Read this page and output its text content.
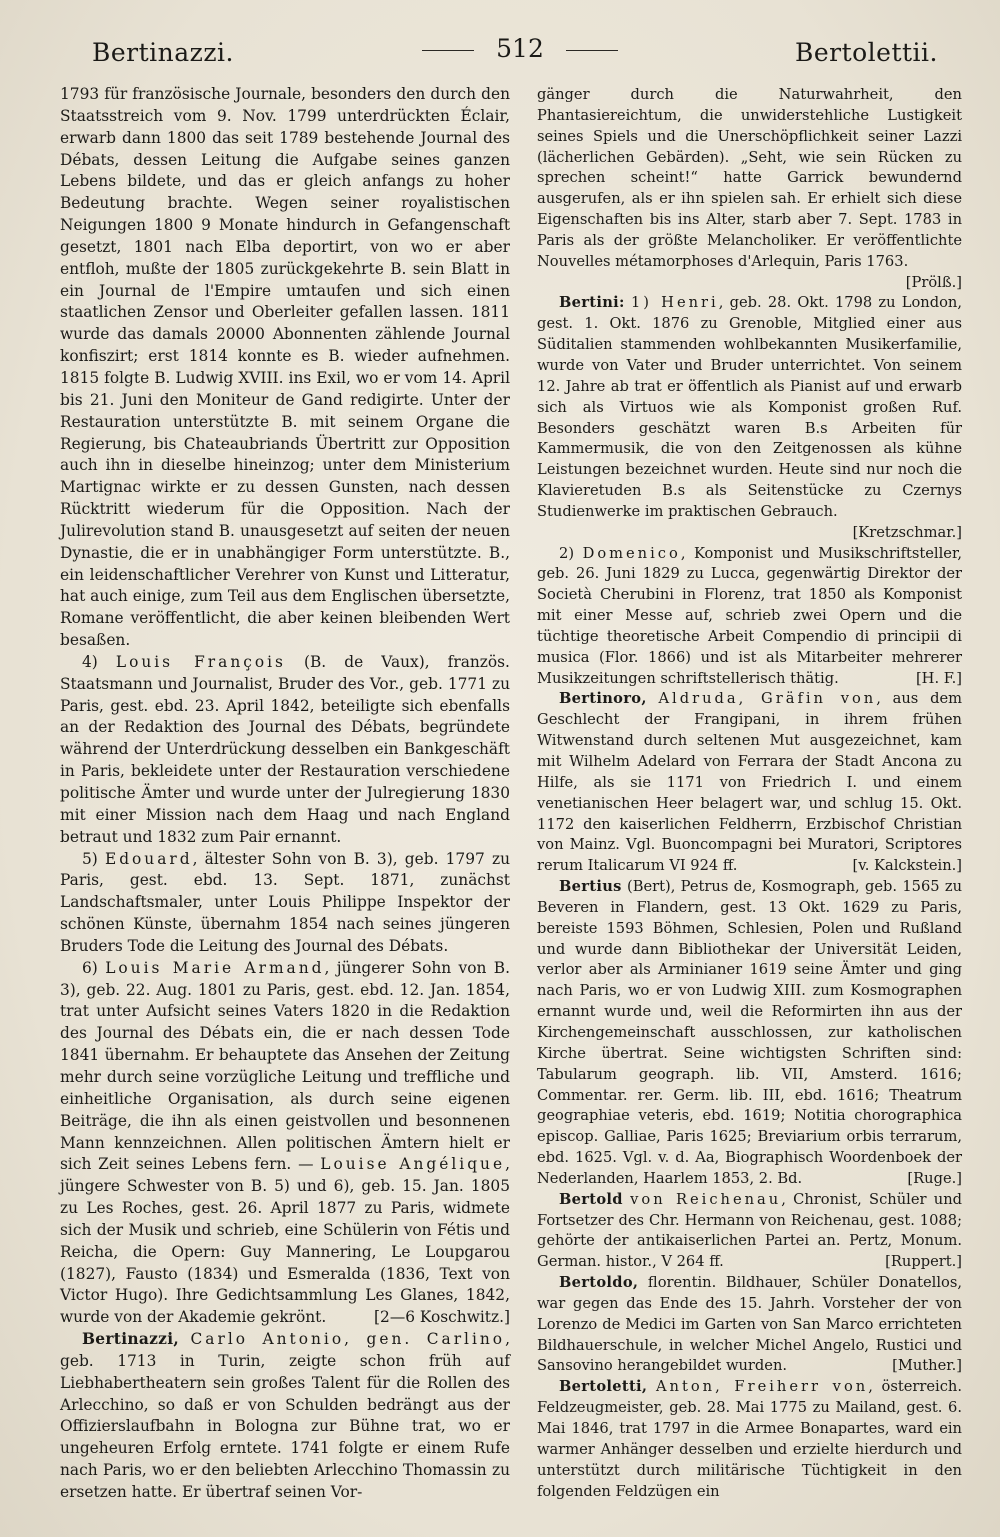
Bertinazzi.	512	Bertolettii.

1793 für französische Journale, besonders den durch den Staatsstreich vom 9. Nov. 1799 unterdrückten Éclair, erwarb dann 1800 das seit 1789 bestehende Journal des Débats, dessen Leitung die Aufgabe seines ganzen Lebens bildete, und das er gleich anfangs zu hoher Bedeutung brachte. Wegen seiner royalistischen Neigungen 1800 9 Monate hindurch in Gefangenschaft gesetzt, 1801 nach Elba deportirt, von wo er aber entfloh, mußte der 1805 zurückgekehrte B. sein Blatt in ein Journal de l'Empire umtaufen und sich einen staatlichen Zensor und Oberleiter gefallen lassen. 1811 wurde das damals 20000 Abonnenten zählende Journal konfiszirt; erst 1814 konnte es B. wieder aufnehmen. 1815 folgte B. Ludwig XVIII. ins Exil, wo er vom 14. April bis 21. Juni den Moniteur de Gand redigirte. Unter der Restauration unterstützte B. mit seinem Organe die Regierung, bis Chateaubriands Übertritt zur Opposition auch ihn in dieselbe hineinzog; unter dem Ministerium Martignac wirkte er zu dessen Gunsten, nach dessen Rücktritt wiederum für die Opposition. Nach der Julirevolution stand B. unausgesetzt auf seiten der neuen Dynastie, die er in unabhängiger Form unterstützte. B., ein leidenschaftlicher Verehrer von Kunst und Litteratur, hat auch einige, zum Teil aus dem Englischen übersetzte, Romane veröffentlicht, die aber keinen bleibenden Wert besaßen.

4) Louis François (B. de Vaux), französ. Staatsmann und Journalist, Bruder des Vor., geb. 1771 zu Paris, gest. ebd. 23. April 1842, beteiligte sich ebenfalls an der Redaktion des Journal des Débats, begründete während der Unterdrückung desselben ein Bankgeschäft in Paris, bekleidete unter der Restauration verschiedene politische Ämter und wurde unter der Julregierung 1830 mit einer Mission nach dem Haag und nach England betraut und 1832 zum Pair ernannt.

5) Edouard, ältester Sohn von B. 3), geb. 1797 zu Paris, gest. ebd. 13. Sept. 1871, zunächst Landschaftsmaler, unter Louis Philippe Inspektor der schönen Künste, übernahm 1854 nach seines jüngeren Bruders Tode die Leitung des Journal des Débats.

6) Louis Marie Armand, jüngerer Sohn von B. 3), geb. 22. Aug. 1801 zu Paris, gest. ebd. 12. Jan. 1854, trat unter Aufsicht seines Vaters 1820 in die Redaktion des Journal des Débats ein, die er nach dessen Tode 1841 übernahm. Er behauptete das Ansehen der Zeitung mehr durch seine vorzügliche Leitung und treffliche und einheitliche Organisation, als durch seine eigenen Beiträge, die ihn als einen geistvollen und besonnenen Mann kennzeichnen. Allen politischen Ämtern hielt er sich Zeit seines Lebens fern. — Louise Angélique, jüngere Schwester von B. 5) und 6), geb. 15. Jan. 1805 zu Les Roches, gest. 26. April 1877 zu Paris, widmete sich der Musik und schrieb, eine Schülerin von Fétis und Reicha, die Opern: Guy Mannering, Le Loupgarou (1827), Fausto (1834) und Esmeralda (1836, Text von Victor Hugo). Ihre Gedichtsammlung Les Glanes, 1842, wurde von der Akademie gekrönt.	[2—6 Koschwitz.]

Bertinazzi, Carlo Antonio, gen. Carlino, geb. 1713 in Turin, zeigte schon früh auf Liebhabertheatern sein großes Talent für die Rollen des Arlecchino, so daß er von Schulden bedrängt aus der Offizierslaufbahn in Bologna zur Bühne trat, wo er ungeheuren Erfolg erntete. 1741 folgte er einem Rufe nach Paris, wo er den beliebten Arlecchino Thomassin zu ersetzen hatte. Er übertraf seinen Vor-

gänger durch die Naturwahrheit, den Phantasiereichtum, die unwiderstehliche Lustigkeit seines Spiels und die Unerschöpflichkeit seiner Lazzi (lächerlichen Gebärden). „Seht, wie sein Rücken zu sprechen scheint!“ hatte Garrick bewundernd ausgerufen, als er ihn spielen sah. Er erhielt sich diese Eigenschaften bis ins Alter, starb aber 7. Sept. 1783 in Paris als der größte Melancholiker. Er veröffentlichte Nouvelles métamorphoses d'Arlequin, Paris 1763.
[Prölß.]

Bertini: 1) Henri, geb. 28. Okt. 1798 zu London, gest. 1. Okt. 1876 zu Grenoble, Mitglied einer aus Süditalien stammenden wohlbekannten Musikerfamilie, wurde von Vater und Bruder unterrichtet. Von seinem 12. Jahre ab trat er öffentlich als Pianist auf und erwarb sich als Virtuos wie als Komponist großen Ruf. Besonders geschätzt waren B.s Arbeiten für Kammermusik, die von den Zeitgenossen als kühne Leistungen bezeichnet wurden. Heute sind nur noch die Klavieretuden B.s als Seitenstücke zu Czernys Studienwerke im praktischen Gebrauch.
[Kretzschmar.]

2) Domenico, Komponist und Musikschriftsteller, geb. 26. Juni 1829 zu Lucca, gegenwärtig Direktor der Società Cherubini in Florenz, trat 1850 als Komponist mit einer Messe auf, schrieb zwei Opern und die tüchtige theoretische Arbeit Compendio di principii di musica (Flor. 1866) und ist als Mitarbeiter mehrerer Musikzeitungen schriftstellerisch thätig.	[H. F.]

Bertinoro, Aldruda, Gräfin von, aus dem Geschlecht der Frangipani, in ihrem frühen Witwenstand durch seltenen Mut ausgezeichnet, kam mit Wilhelm Adelard von Ferrara der Stadt Ancona zu Hilfe, als sie 1171 von Friedrich I. und einem venetianischen Heer belagert war, und schlug 15. Okt. 1172 den kaiserlichen Feldherrn, Erzbischof Christian von Mainz. Vgl. Buoncompagni bei Muratori, Scriptores rerum Italicarum VI 924 ff.	[v. Kalckstein.]

Bertius (Bert), Petrus de, Kosmograph, geb. 1565 zu Beveren in Flandern, gest. 13 Okt. 1629 zu Paris, bereiste 1593 Böhmen, Schlesien, Polen und Rußland und wurde dann Bibliothekar der Universität Leiden, verlor aber als Arminianer 1619 seine Ämter und ging nach Paris, wo er von Ludwig XIII. zum Kosmographen ernannt wurde und, weil die Reformirten ihn aus der Kirchengemeinschaft ausschlossen, zur katholischen Kirche übertrat. Seine wichtigsten Schriften sind: Tabularum geograph. lib. VII, Amsterd. 1616; Commentar. rer. Germ. lib. III, ebd. 1616; Theatrum geographiae veteris, ebd. 1619; Notitia chorographica episcop. Galliae, Paris 1625; Breviarium orbis terrarum, ebd. 1625. Vgl. v. d. Aa, Biographisch Woordenboek der Nederlanden, Haarlem 1853, 2. Bd.	[Ruge.]

Bertold von Reichenau, Chronist, Schüler und Fortsetzer des Chr. Hermann von Reichenau, gest. 1088; gehörte der antikaiserlichen Partei an. Pertz, Monum. German. histor., V 264 ff.	[Ruppert.]

Bertoldo, florentin. Bildhauer, Schüler Donatellos, war gegen das Ende des 15. Jahrh. Vorsteher der von Lorenzo de Medici im Garten von San Marco errichteten Bildhauerschule, in welcher Michel Angelo, Rustici und Sansovino herangebildet wurden.	[Muther.]

Bertoletti, Anton, Freiherr von, österreich. Feldzeugmeister, geb. 28. Mai 1775 zu Mailand, gest. 6. Mai 1846, trat 1797 in die Armee Bonapartes, ward ein warmer Anhänger desselben und erzielte hierdurch und unterstützt durch militärische Tüchtigkeit in den folgenden Feldzügen ein
